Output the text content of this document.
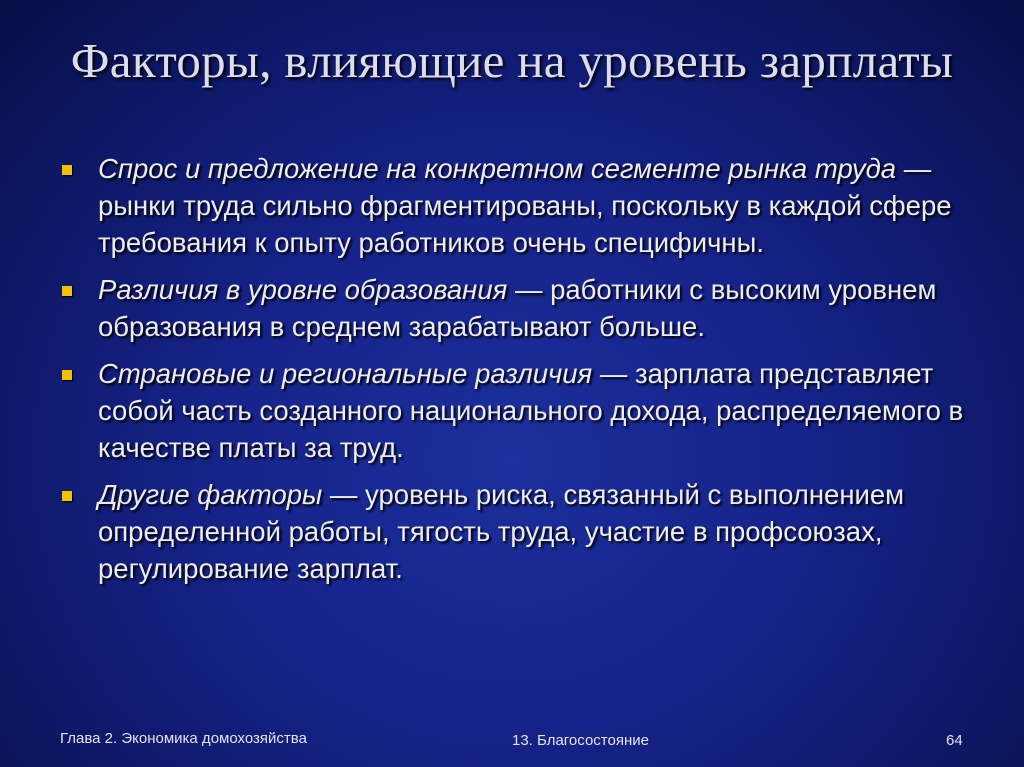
Факторы, влияющие на уровень зарплаты
Спрос и предложение на конкретном сегменте рынка труда — рынки труда сильно фрагментированы, поскольку в каждой сфере требования к опыту работников очень специфичны.
Различия в уровне образования — работники с высоким уровнем образования в среднем зарабатывают больше.
Страновые и региональные различия — зарплата представляет собой часть созданного национального дохода, распределяемого в качестве платы за труд.
Другие факторы — уровень риска, связанный с выполнением определенной работы, тягость труда, участие в профсоюзах, регулирование зарплат.
Глава 2. Экономика домохозяйства	13. Благосостояние	64
